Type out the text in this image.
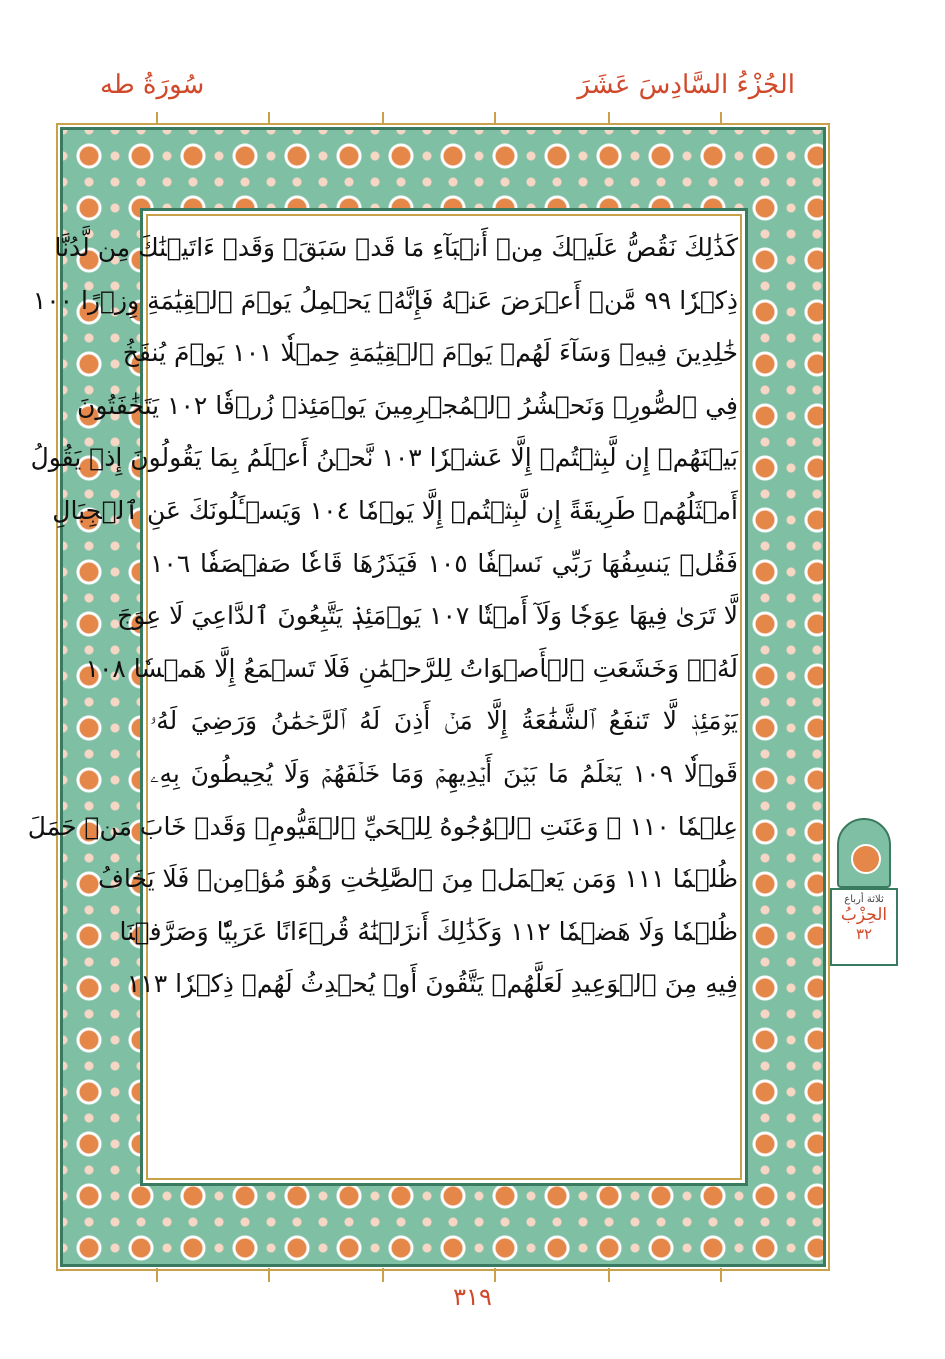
الجُزْءُ السَّادِسَ عَشَرَ
سُورَةُ طه
كَذَٰلِكَ نَقُصُّ عَلَيۡكَ مِنۡ أَنۢبَآءِ مَا قَدۡ سَبَقَۚ وَقَدۡ ءَاتَيۡنَٰكَ مِن لَّدُنَّا
ذِكۡرٗا ٩٩ مَّنۡ أَعۡرَضَ عَنۡهُ فَإِنَّهُۥ يَحۡمِلُ يَوۡمَ ٱلۡقِيَٰمَةِ وِزۡرًا ١٠٠
خَٰلِدِينَ فِيهِۖ وَسَآءَ لَهُمۡ يَوۡمَ ٱلۡقِيَٰمَةِ حِمۡلٗا ١٠١ يَوۡمَ يُنفَخُ
فِي ٱلصُّورِۚ وَنَحۡشُرُ ٱلۡمُجۡرِمِينَ يَوۡمَئِذٖ زُرۡقٗا ١٠٢ يَتَخَٰفَتُونَ
بَيۡنَهُمۡ إِن لَّبِثۡتُمۡ إِلَّا عَشۡرٗا ١٠٣ نَّحۡنُ أَعۡلَمُ بِمَا يَقُولُونَ إِذۡ يَقُولُ
أَمۡثَلُهُمۡ طَرِيقَةً إِن لَّبِثۡتُمۡ إِلَّا يَوۡمٗا ١٠٤ وَيَسۡـَٔلُونَكَ عَنِ ٱلۡجِبَالِ
فَقُلۡ يَنسِفُهَا رَبِّي نَسۡفٗا ١٠٥ فَيَذَرُهَا قَاعٗا صَفۡصَفٗا ١٠٦
لَّا تَرَىٰ فِيهَا عِوَجٗا وَلَآ أَمۡتٗا ١٠٧ يَوۡمَئِذٖ يَتَّبِعُونَ ٱلدَّاعِيَ لَا عِوَجَ
لَهُۥۖ وَخَشَعَتِ ٱلۡأَصۡوَاتُ لِلرَّحۡمَٰنِ فَلَا تَسۡمَعُ إِلَّا هَمۡسٗا ١٠٨
يَوۡمَئِذٖ لَّا تَنفَعُ ٱلشَّفَٰعَةُ إِلَّا مَنۡ أَذِنَ لَهُ ٱلرَّحۡمَٰنُ وَرَضِيَ لَهُۥ
قَوۡلٗا ١٠٩ يَعۡلَمُ مَا بَيۡنَ أَيۡدِيهِمۡ وَمَا خَلۡفَهُمۡ وَلَا يُحِيطُونَ بِهِۦ
عِلۡمٗا ١١٠ ۞ وَعَنَتِ ٱلۡوُجُوهُ لِلۡحَيِّ ٱلۡقَيُّومِۖ وَقَدۡ خَابَ مَنۡ حَمَلَ
ظُلۡمٗا ١١١ وَمَن يَعۡمَلۡ مِنَ ٱلصَّٰلِحَٰتِ وَهُوَ مُؤۡمِنٞ فَلَا يَخَافُ
ظُلۡمٗا وَلَا هَضۡمٗا ١١٢ وَكَذَٰلِكَ أَنزَلۡنَٰهُ قُرۡءَانًا عَرَبِيّٗا وَصَرَّفۡنَا
فِيهِ مِنَ ٱلۡوَعِيدِ لَعَلَّهُمۡ يَتَّقُونَ أَوۡ يُحۡدِثُ لَهُمۡ ذِكۡرٗا ١١٣
ثلاثة أرباع
الحِزْبُ
٣٢
٣١٩
